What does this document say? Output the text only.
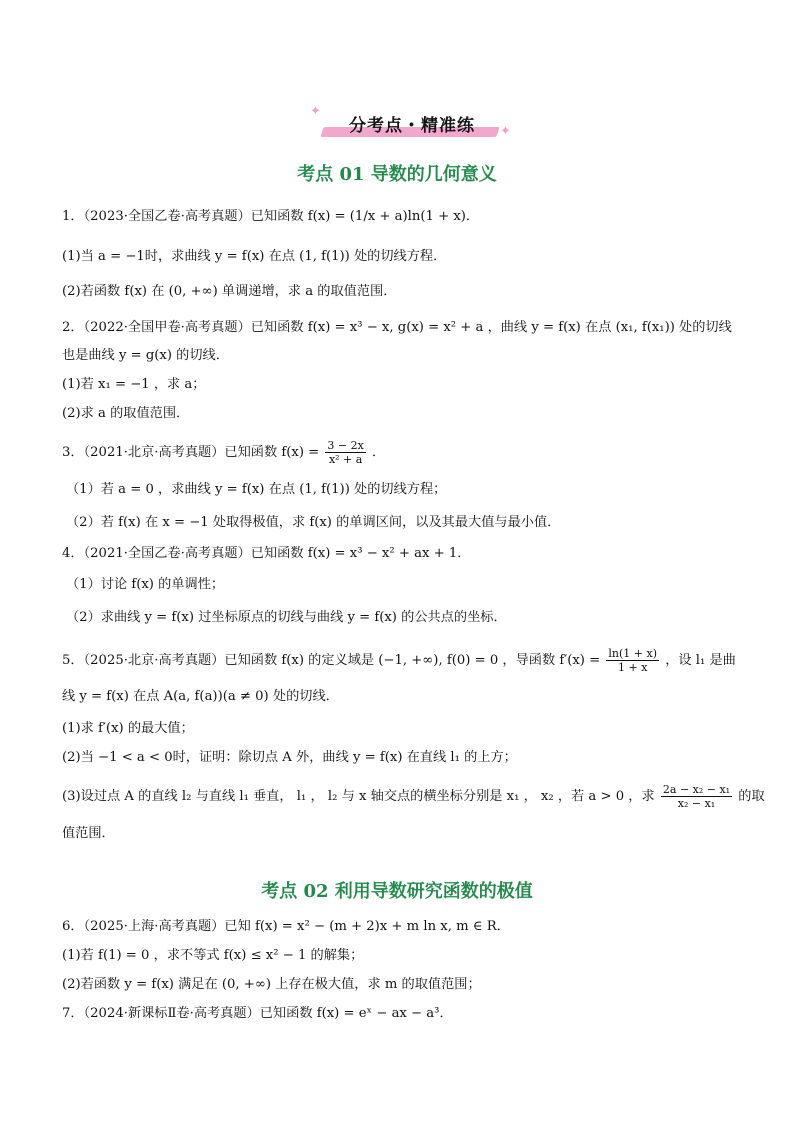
✦
✦
分考点・精准练
考点 01 导数的几何意义
1．（2023·全国乙卷·高考真题）已知函数 f(x) = (1/x + a)ln(1 + x)．
(1)当 a = −1时，求曲线 y = f(x) 在点 (1, f(1)) 处的切线方程．
(2)若函数 f(x) 在 (0, +∞) 单调递增，求 a 的取值范围．
2．（2022·全国甲卷·高考真题）已知函数 f(x) = x³ − x, g(x) = x² + a ，曲线 y = f(x) 在点 (x₁, f(x₁)) 处的切线
也是曲线 y = g(x) 的切线．
(1)若 x₁ = −1 ，求 a；
(2)求 a 的取值范围．
3．（2021·北京·高考真题）已知函数 $f(x) = \frac{3 - 2x}{\text{x² + a}}$ ．
（1）若 a = 0 ，求曲线 y = f(x) 在点 (1, f(1)) 处的切线方程；
（2）若 f(x) 在 x = −1 处取得极值，求 f(x) 的单调区间，以及其最大值与最小值．
4．（2021·全国乙卷·高考真题）已知函数 f(x) = x³ − x² + ax + 1．
（1）讨论 f(x) 的单调性；
（2）求曲线 y = f(x) 过坐标原点的切线与曲线 y = f(x) 的公共点的坐标．
5．（2025·北京·高考真题）已知函数 f(x) 的定义域是 (−1, +∞), f(0) = 0 ，导函数 $f'(x) = \frac{\ln(1 + x)}{1 + x}$ ，设 l₁ 是曲
线 y = f(x) 在点 A(a, f(a))(a ≠ 0) 处的切线．
(1)求 f′(x) 的最大值；
(2)当 −1 < a < 0时，证明：除切点 A 外，曲线 y = f(x) 在直线 l₁ 的上方；
(3)设过点 A 的直线 l₂ 与直线 l₁ 垂直， l₁ ， l₂ 与 x 轴交点的横坐标分别是 x₁ ， x₂ ，若 a > 0 ，求 $\frac{\text{2a − x₂ − x₁}}{\text{x₂ − x₁}}$ 的取
值范围．
考点 02 利用导数研究函数的极值
6．（2025·上海·高考真题）已知 f(x) = x² − (m + 2)x + m ln x, m ∈ R．
(1)若 f(1) = 0 ，求不等式 f(x) ≤ x² − 1 的解集；
(2)若函数 y = f(x) 满足在 (0, +∞) 上存在极大值，求 m 的取值范围；
7．（2024·新课标Ⅱ卷·高考真题）已知函数 f(x) = eˣ − ax − a³．
